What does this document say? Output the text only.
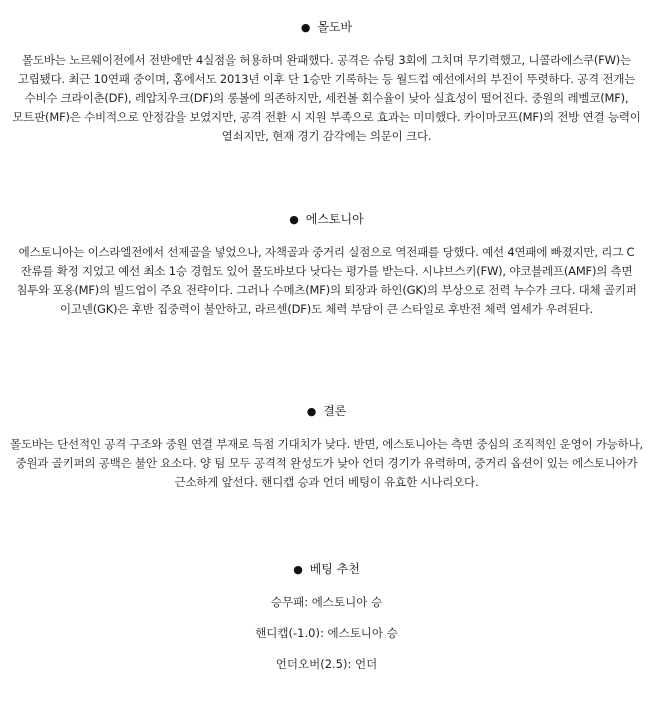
● 몰도바

몰도바는 노르웨이전에서 전반에만 4실점을 허용하며 완패했다. 공격은 슈팅 3회에 그치며 무기력했고, 니콜라에스쿠(FW)는 고립됐다. 최근 10연패 중이며, 홈에서도 2013년 이후 단 1승만 기록하는 등 월드컵 예선에서의 부진이 뚜렷하다. 공격 전개는 수비수 크라이춘(DF), 레압치우크(DF)의 롱볼에 의존하지만, 세컨볼 회수율이 낮아 실효성이 떨어진다. 중원의 레벨코(MF), 모트판(MF)은 수비적으로 안정감을 보였지만, 공격 전환 시 지원 부족으로 효과는 미미했다. 카이마코프(MF)의 전방 연결 능력이 열쇠지만, 현재 경기 감각에는 의문이 크다.

● 에스토니아

에스토니아는 이스라엘전에서 선제골을 넣었으나, 자책골과 중거리 실점으로 역전패를 당했다. 예선 4연패에 빠졌지만, 리그 C 잔류를 확정 지었고 예선 최소 1승 경험도 있어 몰도바보다 낫다는 평가를 받는다. 시냐브스키(FW), 야코블레프(AMF)의 측면 침투와 포옹(MF)의 빌드업이 주요 전략이다. 그러나 수메츠(MF)의 퇴장과 하인(GK)의 부상으로 전력 누수가 크다. 대체 골키퍼 이고넨(GK)은 후반 집중력이 불안하고, 라르센(DF)도 체력 부담이 큰 스타일로 후반전 체력 열세가 우려된다.

● 결론

몰도바는 단선적인 공격 구조와 중원 연결 부재로 득점 기대치가 낮다. 반면, 에스토니아는 측면 중심의 조직적인 운영이 가능하나, 중원과 골키퍼의 공백은 불안 요소다. 양 팀 모두 공격적 완성도가 낮아 언더 경기가 유력하며, 중거리 옵션이 있는 에스토니아가 근소하게 앞선다. 핸디캡 승과 언더 베팅이 유효한 시나리오다.

● 베팅 추천

승무패: 에스토니아 승

핸디캡(-1.0): 에스토니아 승

언더오버(2.5): 언더
